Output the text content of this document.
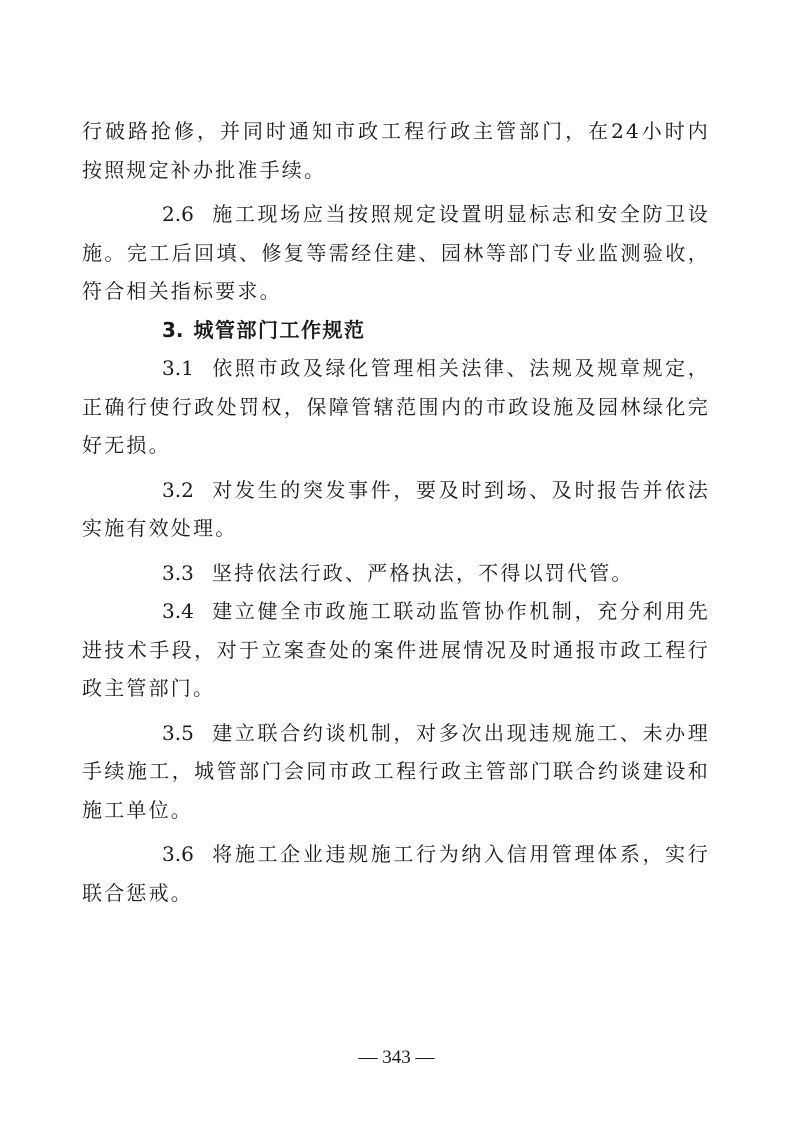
行破路抢修，并同时通知市政工程行政主管部门，在24小时内按照规定补办批准手续。

2.6 施工现场应当按照规定设置明显标志和安全防卫设施。完工后回填、修复等需经住建、园林等部门专业监测验收，符合相关指标要求。

3. 城管部门工作规范

3.1 依照市政及绿化管理相关法律、法规及规章规定，正确行使行政处罚权，保障管辖范围内的市政设施及园林绿化完好无损。

3.2 对发生的突发事件，要及时到场、及时报告并依法实施有效处理。

3.3 坚持依法行政、严格执法，不得以罚代管。

3.4 建立健全市政施工联动监管协作机制，充分利用先进技术手段，对于立案查处的案件进展情况及时通报市政工程行政主管部门。

3.5 建立联合约谈机制，对多次出现违规施工、未办理手续施工，城管部门会同市政工程行政主管部门联合约谈建设和施工单位。

3.6 将施工企业违规施工行为纳入信用管理体系，实行联合惩戒。

— 343 —
